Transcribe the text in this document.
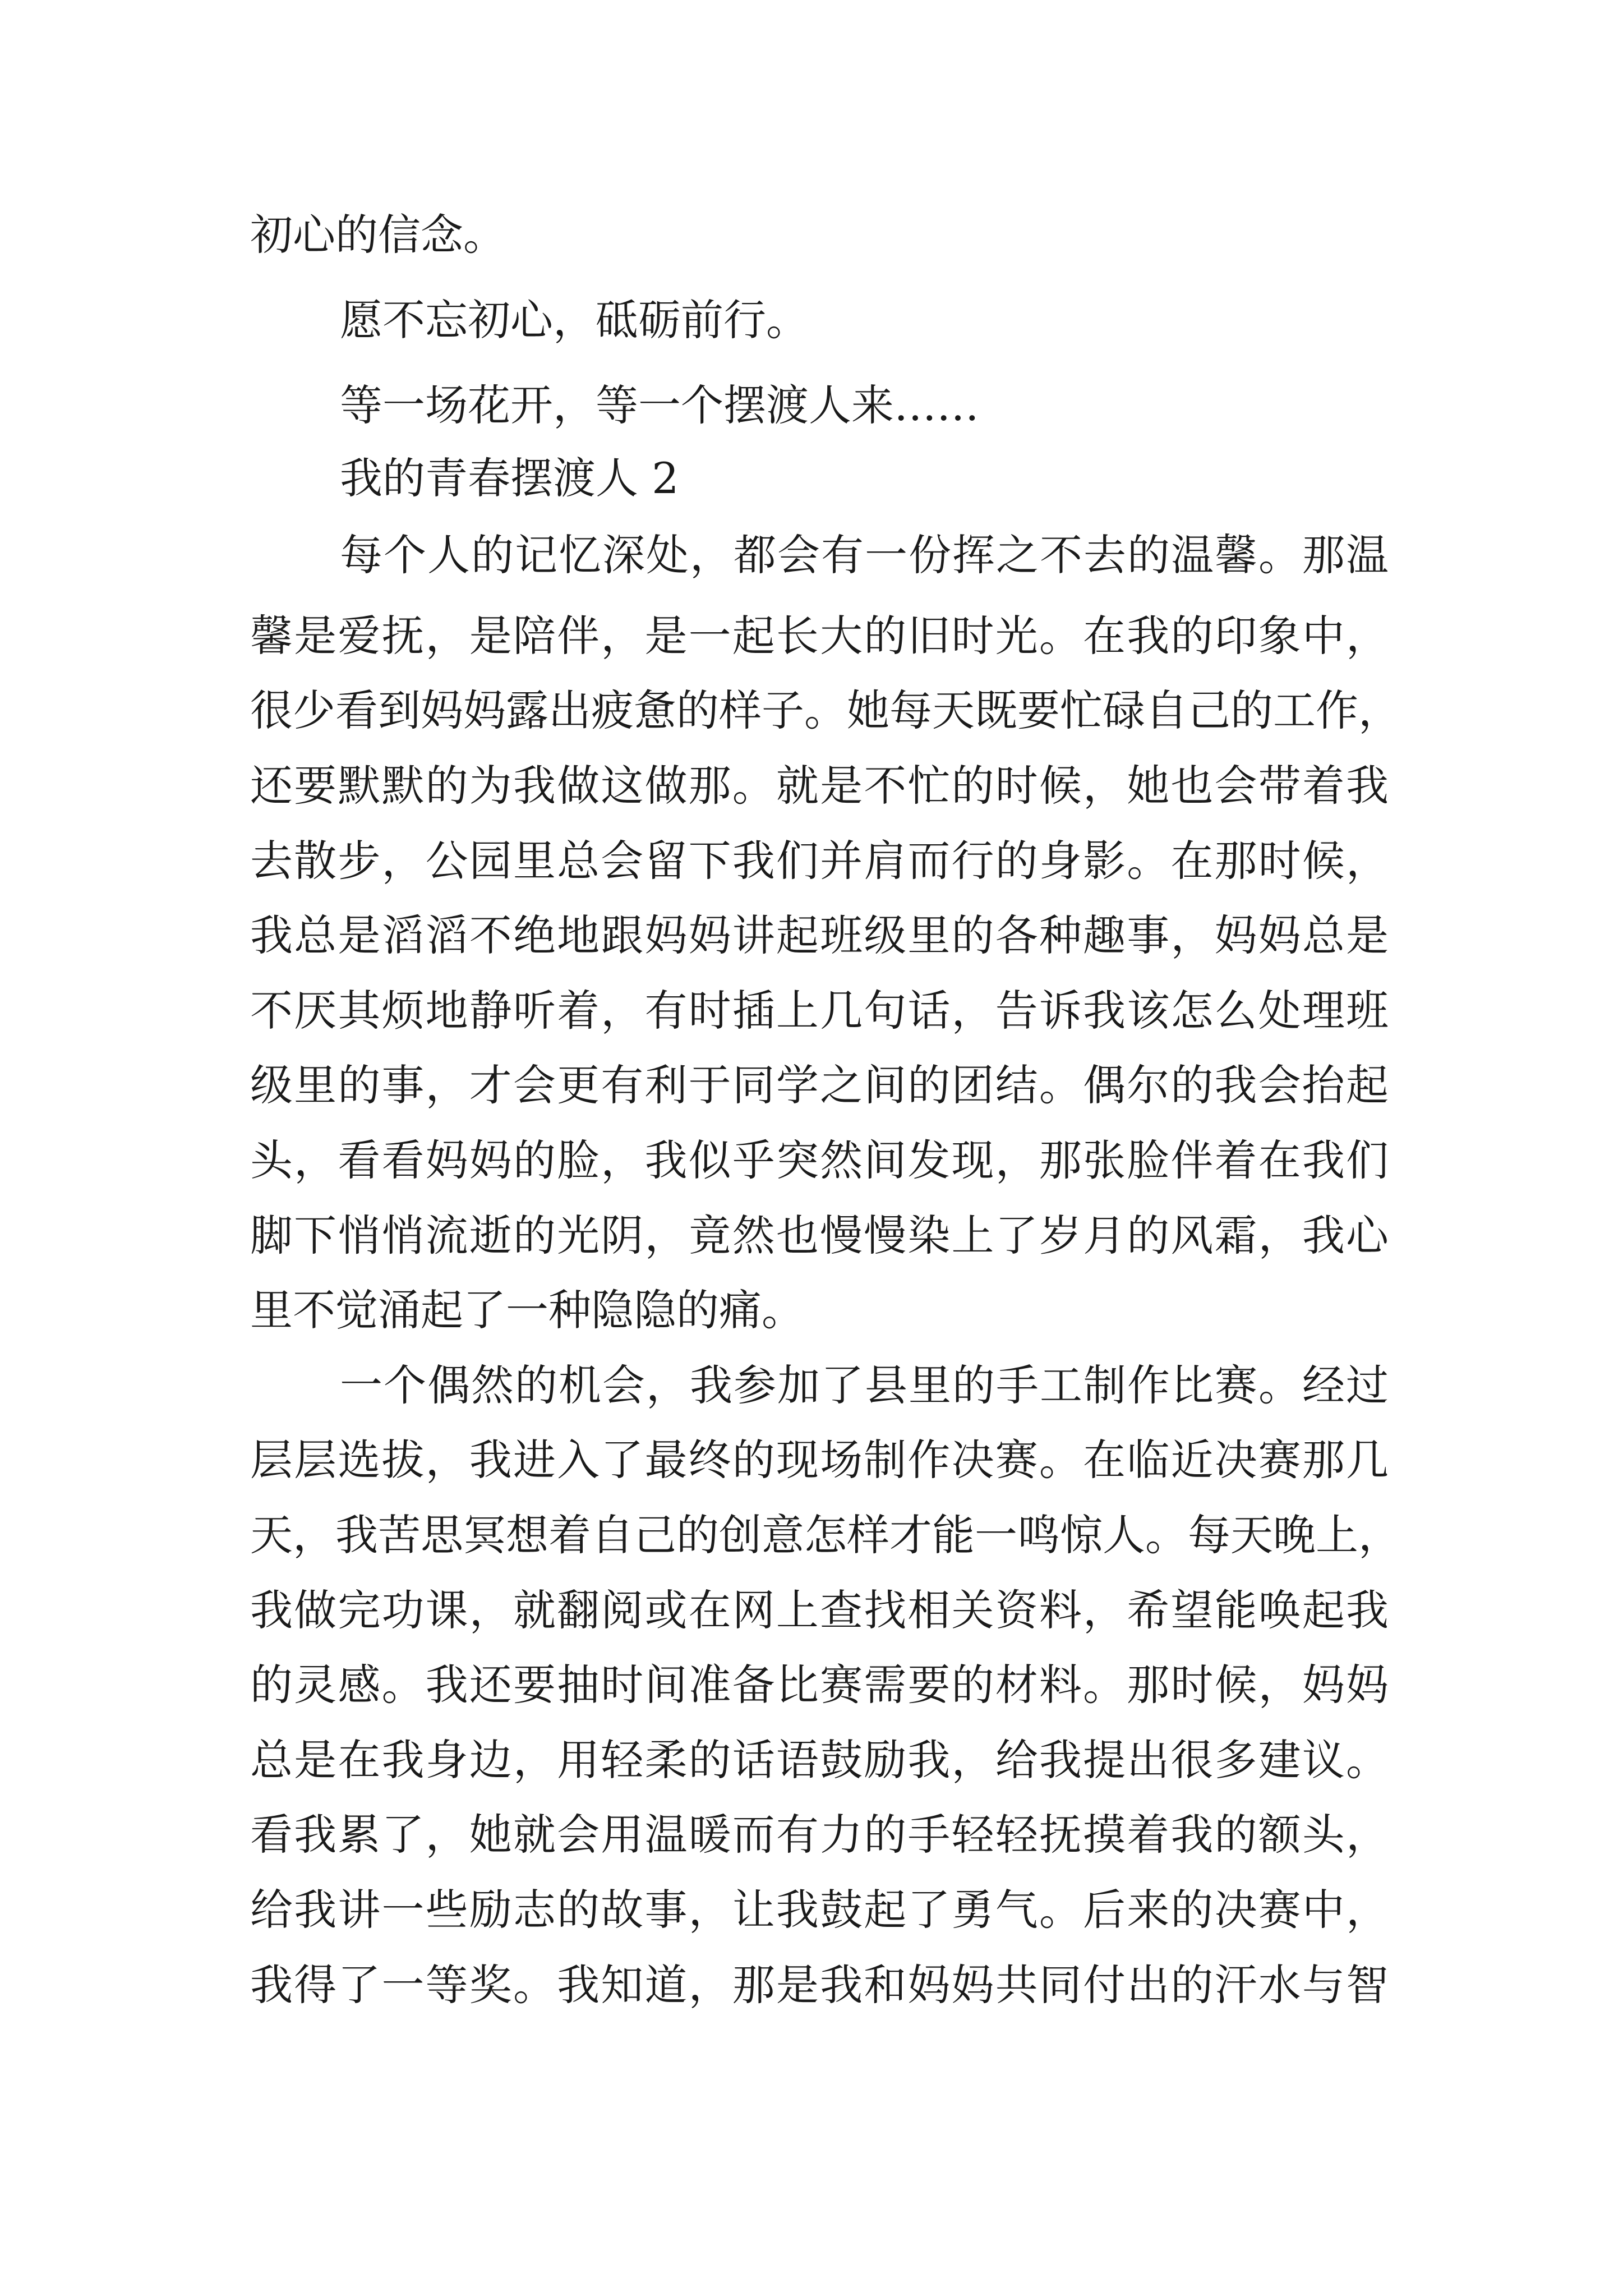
初心的信念。
愿不忘初心，砥砺前行。
等一场花开，等一个摆渡人来……
我的青春摆渡人 2
每个人的记忆深处，都会有一份挥之不去的温馨。那温
馨是爱抚，是陪伴，是一起长大的旧时光。在我的印象中，
很少看到妈妈露出疲惫的样子。她每天既要忙碌自己的工作，
还要默默的为我做这做那。就是不忙的时候，她也会带着我
去散步，公园里总会留下我们并肩而行的身影。在那时候，
我总是滔滔不绝地跟妈妈讲起班级里的各种趣事，妈妈总是
不厌其烦地静听着，有时插上几句话，告诉我该怎么处理班
级里的事，才会更有利于同学之间的团结。偶尔的我会抬起
头，看看妈妈的脸，我似乎突然间发现，那张脸伴着在我们
脚下悄悄流逝的光阴，竟然也慢慢染上了岁月的风霜，我心
里不觉涌起了一种隐隐的痛。
一个偶然的机会，我参加了县里的手工制作比赛。经过
层层选拔，我进入了最终的现场制作决赛。在临近决赛那几
天，我苦思冥想着自己的创意怎样才能一鸣惊人。每天晚上，
我做完功课，就翻阅或在网上查找相关资料，希望能唤起我
的灵感。我还要抽时间准备比赛需要的材料。那时候，妈妈
总是在我身边，用轻柔的话语鼓励我，给我提出很多建议。
看我累了，她就会用温暖而有力的手轻轻抚摸着我的额头，
给我讲一些励志的故事，让我鼓起了勇气。后来的决赛中，
我得了一等奖。我知道，那是我和妈妈共同付出的汗水与智
